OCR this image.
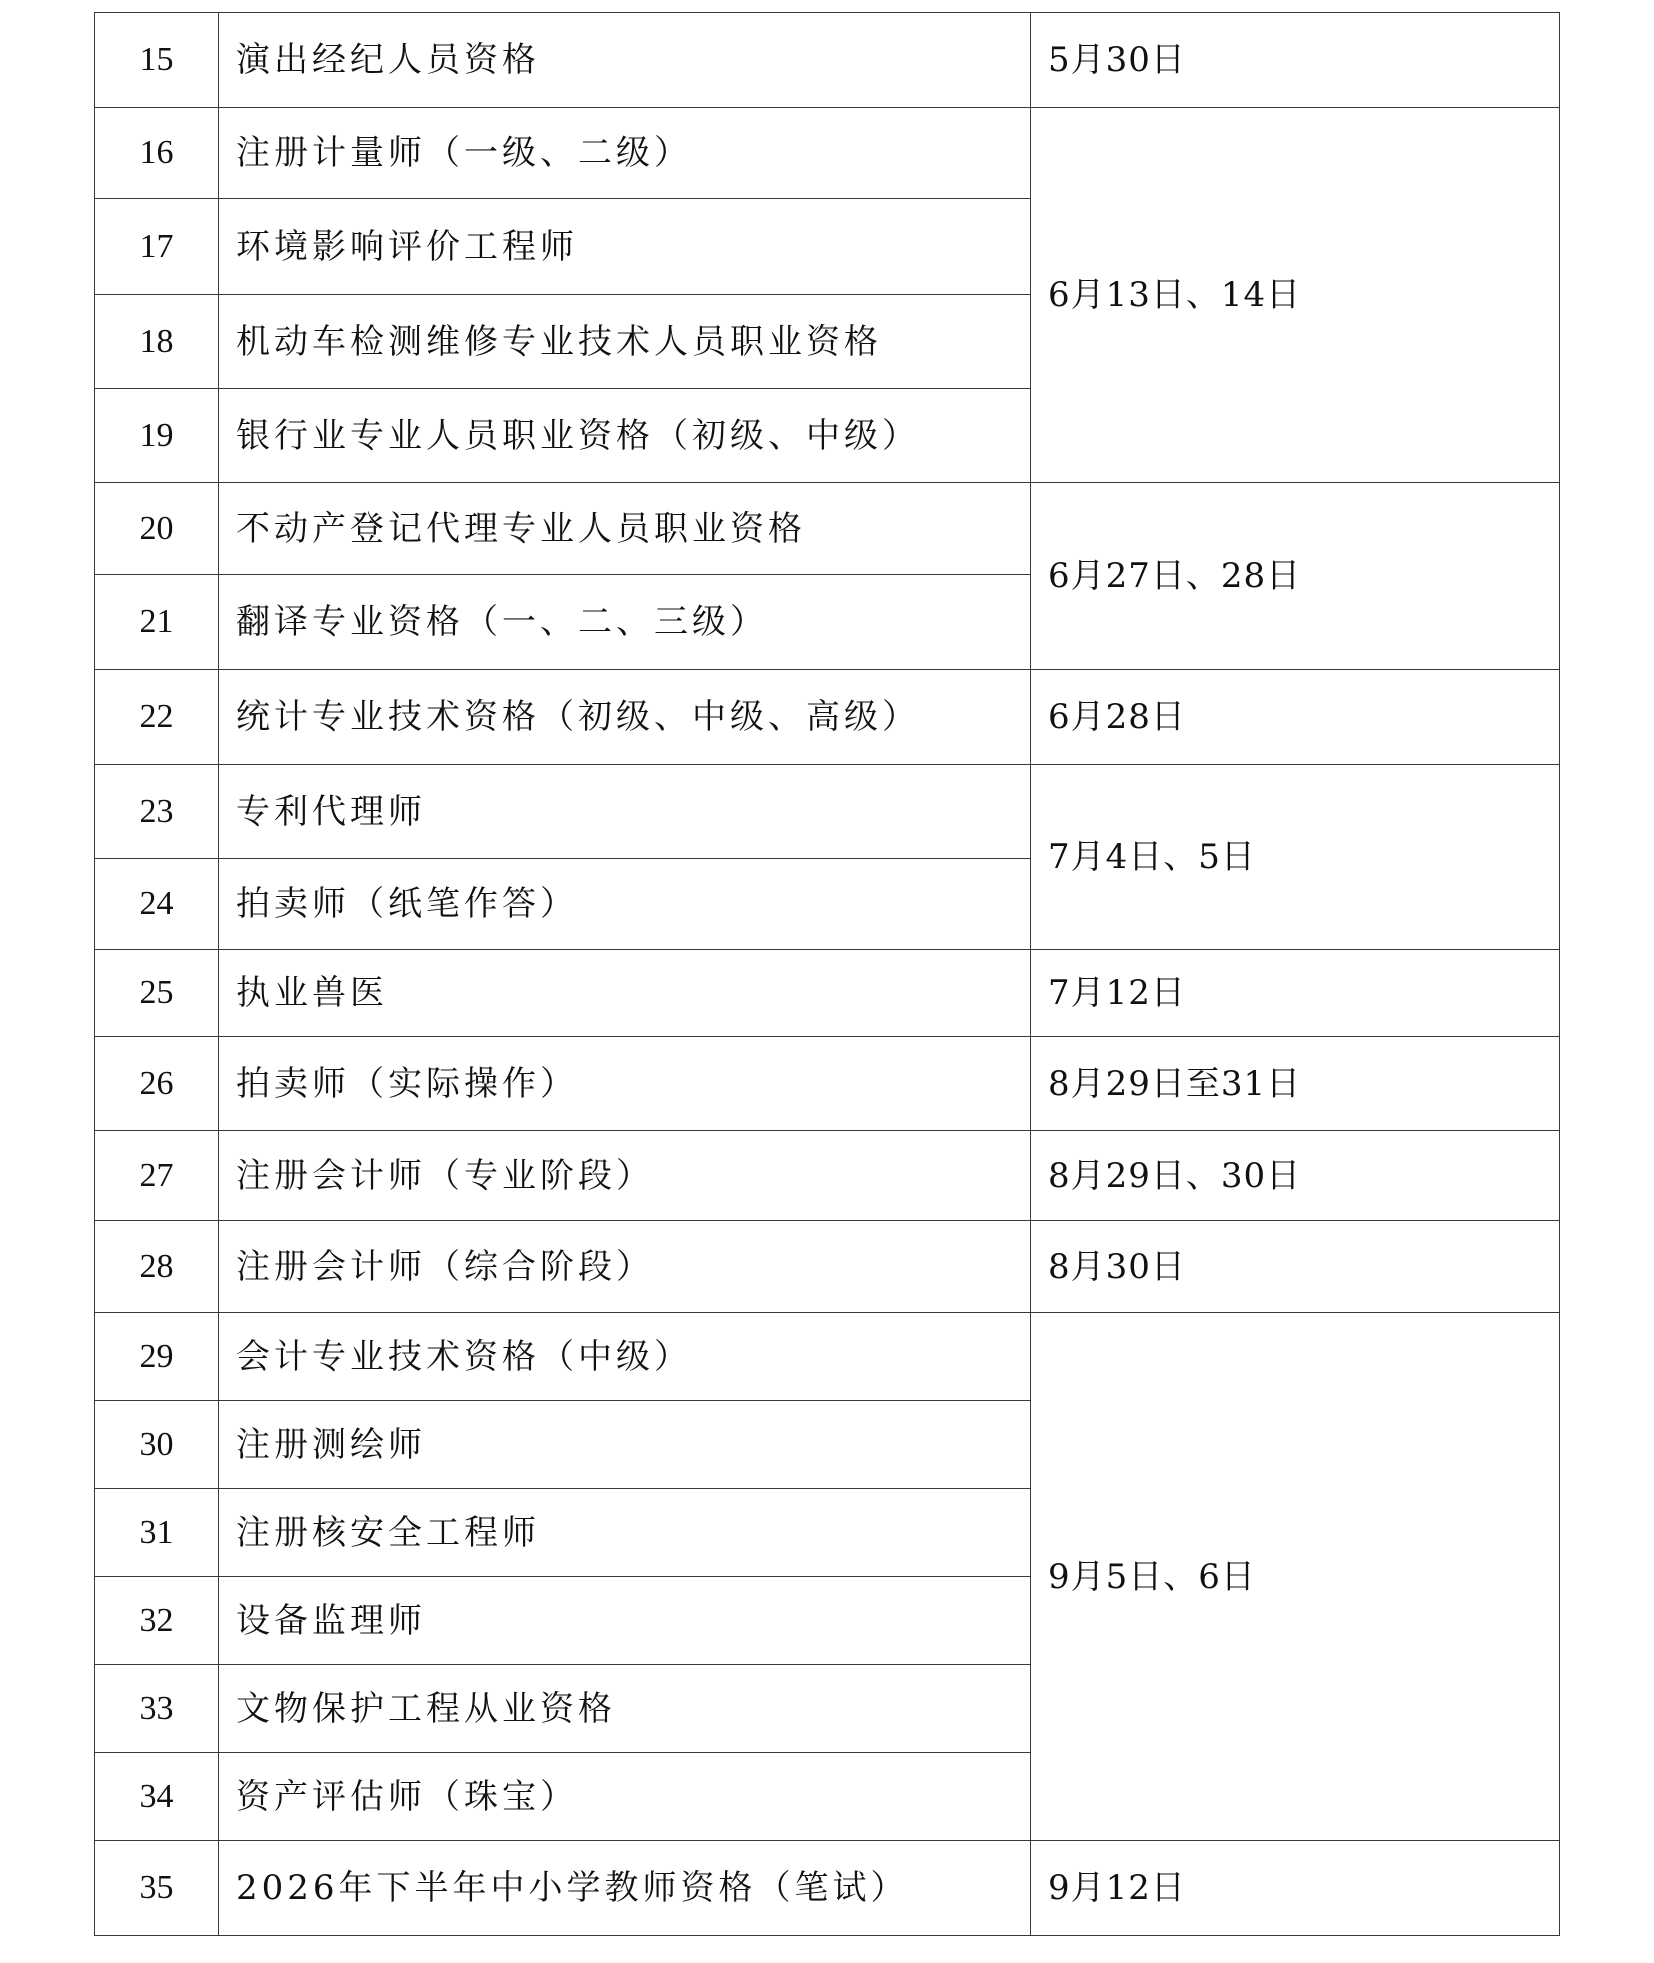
15	演出经纪人员资格	5月30日
16	注册计量师（一级、二级）	6月13日、14日
17	环境影响评价工程师	
18	机动车检测维修专业技术人员职业资格	
19	银行业专业人员职业资格（初级、中级）	
20	不动产登记代理专业人员职业资格	6月27日、28日
21	翻译专业资格（一、二、三级）	
22	统计专业技术资格（初级、中级、高级）	6月28日
23	专利代理师	7月4日、5日
24	拍卖师（纸笔作答）	
25	执业兽医	7月12日
26	拍卖师（实际操作）	8月29日至31日
27	注册会计师（专业阶段）	8月29日、30日
28	注册会计师（综合阶段）	8月30日
29	会计专业技术资格（中级）	9月5日、6日
30	注册测绘师	
31	注册核安全工程师	
32	设备监理师	
33	文物保护工程从业资格	
34	资产评估师（珠宝）	
35	2026年下半年中小学教师资格（笔试）	9月12日
